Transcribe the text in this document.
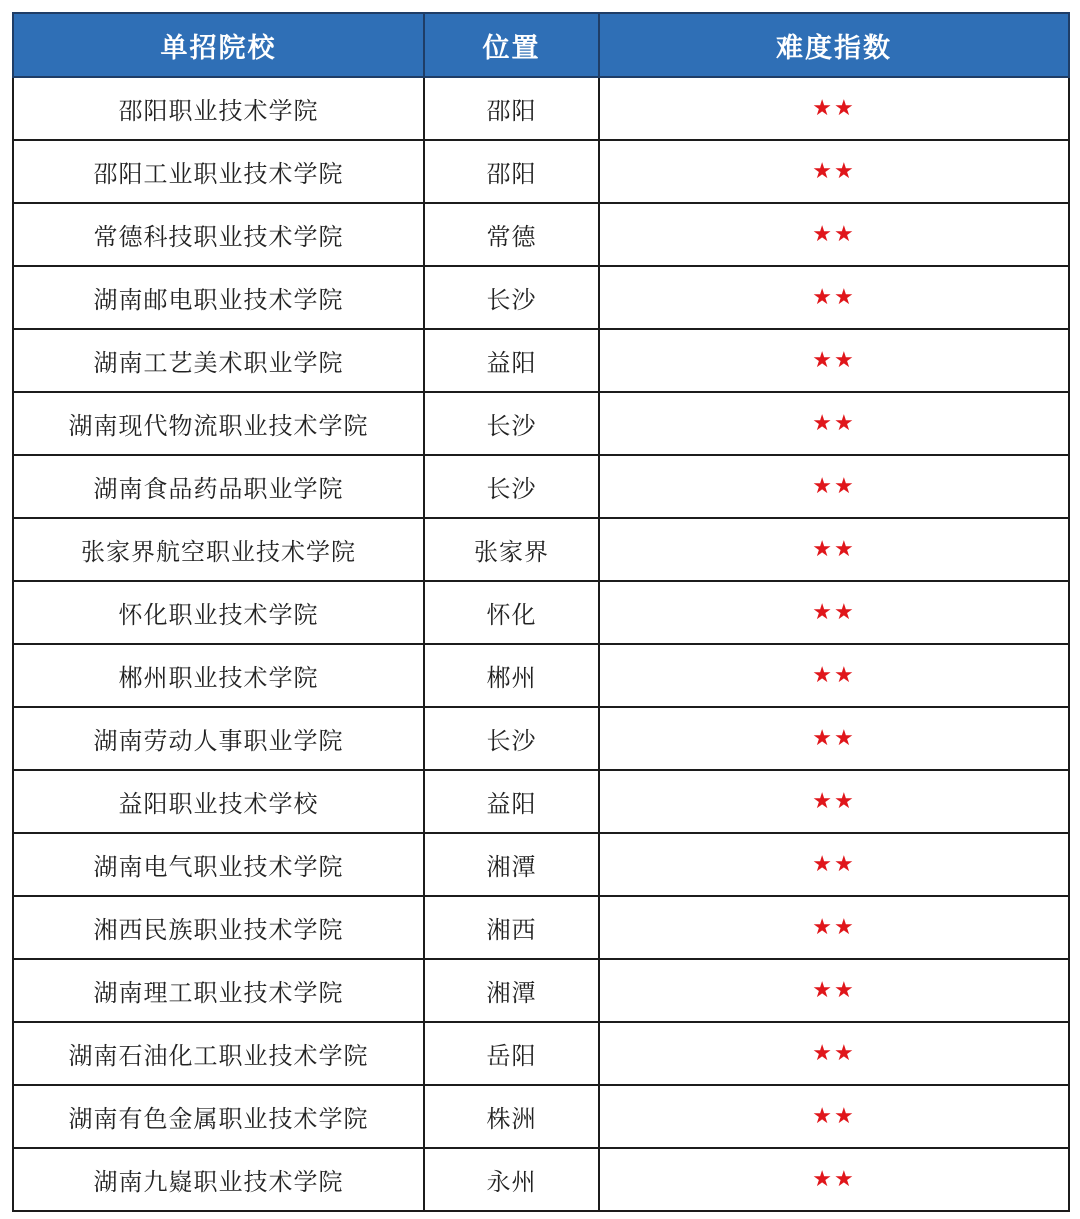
单招院校	位置	难度指数
邵阳职业技术学院	邵阳	★★
邵阳工业职业技术学院	邵阳	★★
常德科技职业技术学院	常德	★★
湖南邮电职业技术学院	长沙	★★
湖南工艺美术职业学院	益阳	★★
湖南现代物流职业技术学院	长沙	★★
湖南食品药品职业学院	长沙	★★
张家界航空职业技术学院	张家界	★★
怀化职业技术学院	怀化	★★
郴州职业技术学院	郴州	★★
湖南劳动人事职业学院	长沙	★★
益阳职业技术学校	益阳	★★
湖南电气职业技术学院	湘潭	★★
湘西民族职业技术学院	湘西	★★
湖南理工职业技术学院	湘潭	★★
湖南石油化工职业技术学院	岳阳	★★
湖南有色金属职业技术学院	株洲	★★
湖南九嶷职业技术学院	永州	★★
